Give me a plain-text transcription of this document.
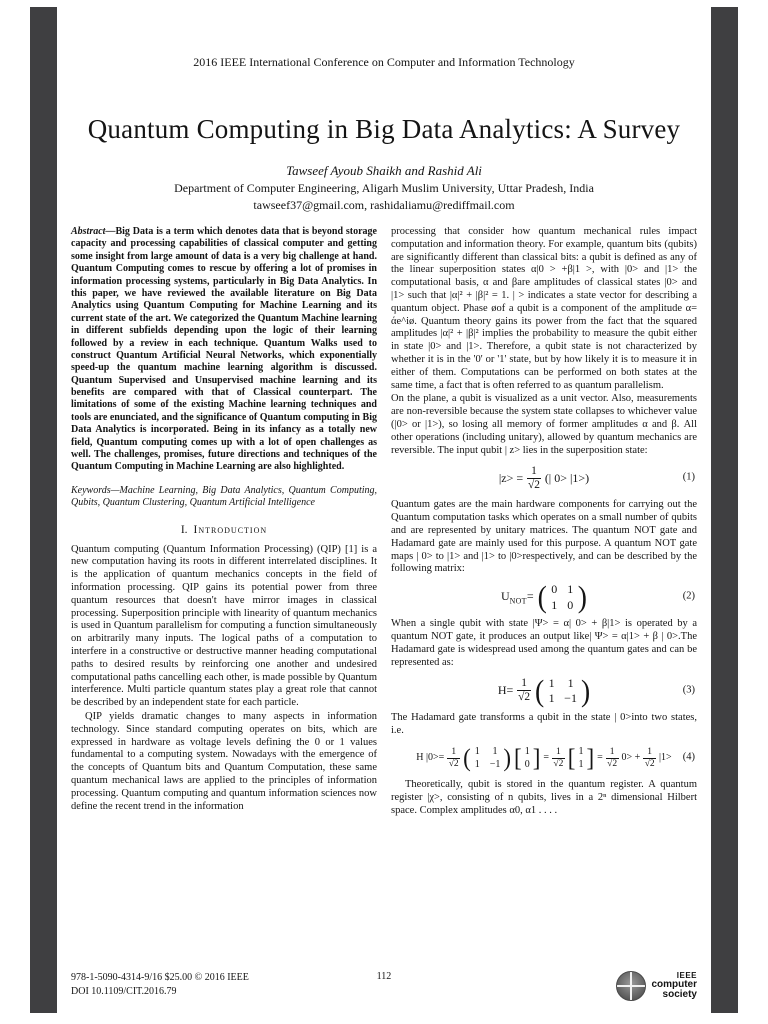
2016 IEEE International Conference on Computer and Information Technology
Quantum Computing in Big Data Analytics: A Survey
Tawseef Ayoub Shaikh and Rashid Ali
Department of Computer Engineering, Aligarh Muslim University, Uttar Pradesh, India
tawseef37@gmail.com, rashidaliamu@rediffmail.com

Abstract—Big Data is a term which denotes data that is beyond storage capacity and processing capabilities of classical computer and getting some insight from large amount of data is a very big challenge at hand. Quantum Computing comes to rescue by offering a lot of promises in information processing systems, particularly in Big Data Analytics. In this paper, we have reviewed the available literature on Big Data Analytics using Quantum Computing for Machine Learning and its current state of the art. We categorized the Quantum Machine learning in different subfields depending upon the logic of their learning followed by a review in each technique. Quantum Walks used to construct Quantum Artificial Neural Networks, which exponentially speed-up the quantum machine learning algorithm is discussed. Quantum Supervised and Unsupervised machine learning and its benefits are compared with that of Classical counterpart. The limitations of some of the existing Machine learning techniques and tools are enunciated, and the significance of Quantum computing in Big Data Analytics is incorporated. Being in its infancy as a totally new field, Quantum computing comes up with a lot of open challenges as well. The challenges, promises, future directions and techniques of the Quantum Computing in Machine Learning are also highlighted.

Keywords—Machine Learning, Big Data Analytics, Quantum Computing, Qubits, Quantum Clustering, Quantum Artificial Intelligence

I. Introduction

Quantum computing (Quantum Information Processing) (QIP) [1] is a new computation having its roots in different interrelated disciplines. It is the application of quantum mechanics concepts in the field of information processing. QIP gains its potential power from three quantum resources that doesn't have mirror images in classical processing. Superposition principle with linearity of quantum mechanics is used in Quantum parallelism for computing a function simultaneously on arbitrarily many inputs. The logical paths of a computation to interfere in a constructive or destructive manner heading computational paths to desired results by reinforcing one another and undesired computational paths cancelling each other, is made possible by Quantum interference. Multi particle quantum states play a great role that cannot be described by an independent state for each particle.

QIP yields dramatic changes to many aspects in information technology. Since standard computing operates on bits, which are expressed in hardware as voltage levels defining the 0 or 1 values fundamental to a computing system. Nowadays with the emergence of the concepts of Quantum bits and Quantum Computation, these same quantum mechanical laws are applied to the principles of information processing. Quantum computing and quantum information sciences now define the recent trend in the information

processing that consider how quantum mechanical rules impact computation and information theory. For example, quantum bits (qubits) are significantly different than classical bits: a qubit is defined as any of the linear superposition states α|0 > +β|1 >, with |0> and |1> the computational basis, α and βare amplitudes of classical states |0> and |1> such that |α|² + |β|² = 1. | > indicates a state vector for describing a quantum object. Phase øof a qubit is a component of the amplitude α= άe^iø. Quantum theory gains its power from the fact that the squared amplitudes |α|² + |β|² implies the probability to measure the qubit either in state |0> and |1>. Therefore, a qubit state is not characterized by whether it is in the '0' or '1' state, but by how likely it is to measure it in either of them. Computations can be performed on both states at the same time, a fact that is often referred to as quantum parallelism.

On the plane, a qubit is visualized as a unit vector. Also, measurements are non-reversible because the system state collapses to whichever value (|0> or |1>), so losing all memory of former amplitudes α and β. All other operations (including unitary), allowed by quantum mechanics are reversible. The input qubit | z> lies in the superposition state:

$|z> = \frac{1}{√2}$ (| 0> |1>)	(1)

Quantum gates are the main hardware components for carrying out the Quantum computation tasks which operates on a small number of qubits and are represented by unitary matrices. The quantum NOT gate and Hadamard gate are mainly used for this purpose. A quantum NOT gate maps | 0> to |1> and |1> to |0>respectively, and can be described by the following matrix:

$U_{NOT}=$ ( 0 1
1 0 )	(2)

When a single qubit with state |Ψ> = α| 0> + β|1> is operated by a quantum NOT gate, it produces an output like| Ψ> = α|1> + β | 0>.The Hadamard gate is widespread used among the quantum gates and can be represented as:

$H= \frac{1}{√2}$ ( 1 1
1 −1 )	(3)

The Hadamard gate transforms a qubit in the state | 0>into two states, i.e.

H $|0>= \frac{1}{√2}$ ( 1 1
1 −1 ) [ 1
0 ] = $\frac{1}{√2}$ [ 1
1 ] = $\frac{1}{√2} 0> + \frac{1}{√2} |1> (4)$

Theoretically, qubit is stored in the quantum register. A quantum register |χ>, consisting of n qubits, lives in a 2ⁿ dimensional Hilbert space. Complex amplitudes α0, α1 . . . .

978-1-5090-4314-9/16 $25.00 © 2016 IEEE
DOI 10.1109/CIT.2016.79
112	IEEE
computer
society
